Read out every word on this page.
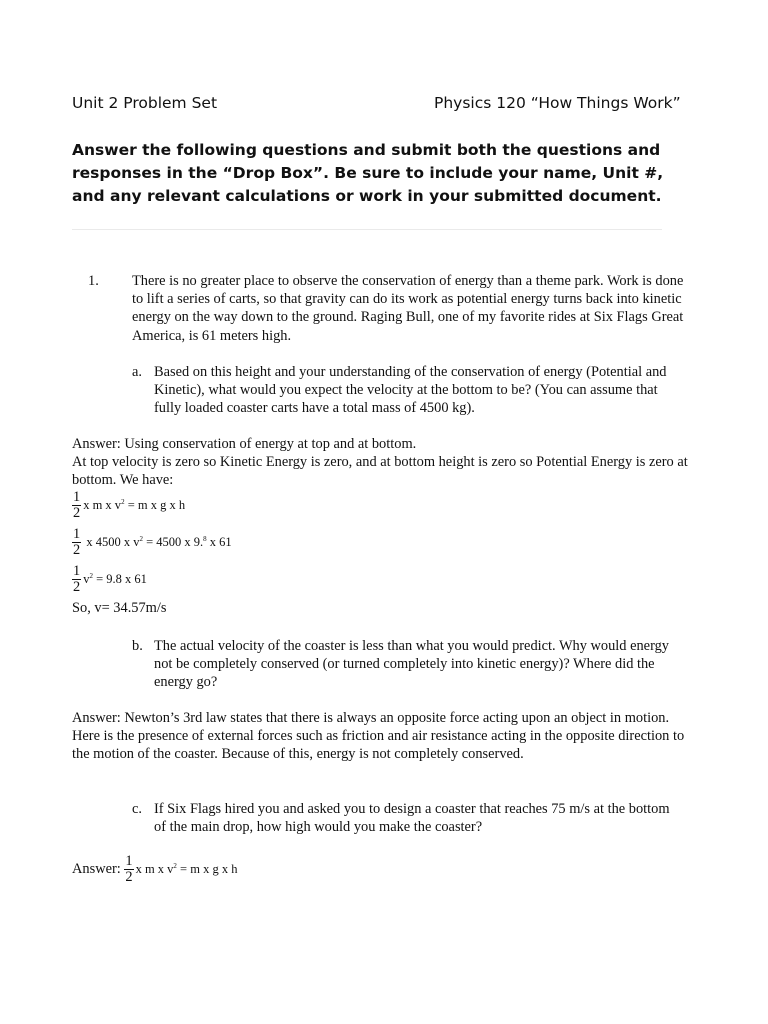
Unit 2 Problem Set	Physics 120 “How Things Work”
Answer the following questions and submit both the questions and responses in the “Drop Box”. Be sure to include your name, Unit #, and any relevant calculations or work in your submitted document.
1. There is no greater place to observe the conservation of energy than a theme park. Work is done to lift a series of carts, so that gravity can do its work as potential energy turns back into kinetic energy on the way down to the ground. Raging Bull, one of my favorite rides at Six Flags Great America, is 61 meters high.
a. Based on this height and your understanding of the conservation of energy (Potential and Kinetic), what would you expect the velocity at the bottom to be? (You can assume that fully loaded coaster carts have a total mass of 4500 kg).
Answer: Using conservation of energy at top and at bottom.
At top velocity is zero so Kinetic Energy is zero, and at bottom height is zero so Potential Energy is zero at bottom. We have:
$\frac{1}{2}$ x m x $v^2 = m$ x g x h
$\frac{1}{2}$ x 4500 x $v^2 = 4500$ x 9.$^8$ x 61
$\frac{1}{2} v^2 = 9.8$ x 61
So, v= 34.57m/s
b. The actual velocity of the coaster is less than what you would predict. Why would energy not be completely conserved (or turned completely into kinetic energy)? Where did the energy go?
Answer: Newton’s 3rd law states that there is always an opposite force acting upon an object in motion. Here is the presence of external forces such as friction and air resistance acting in the opposite direction to the motion of the coaster. Because of this, energy is not completely conserved.
c. If Six Flags hired you and asked you to design a coaster that reaches 75 m/s at the bottom of the main drop, how high would you make the coaster?
Answer: $\frac{1}{2}$ x m x $v^2 = m$ x g x h
